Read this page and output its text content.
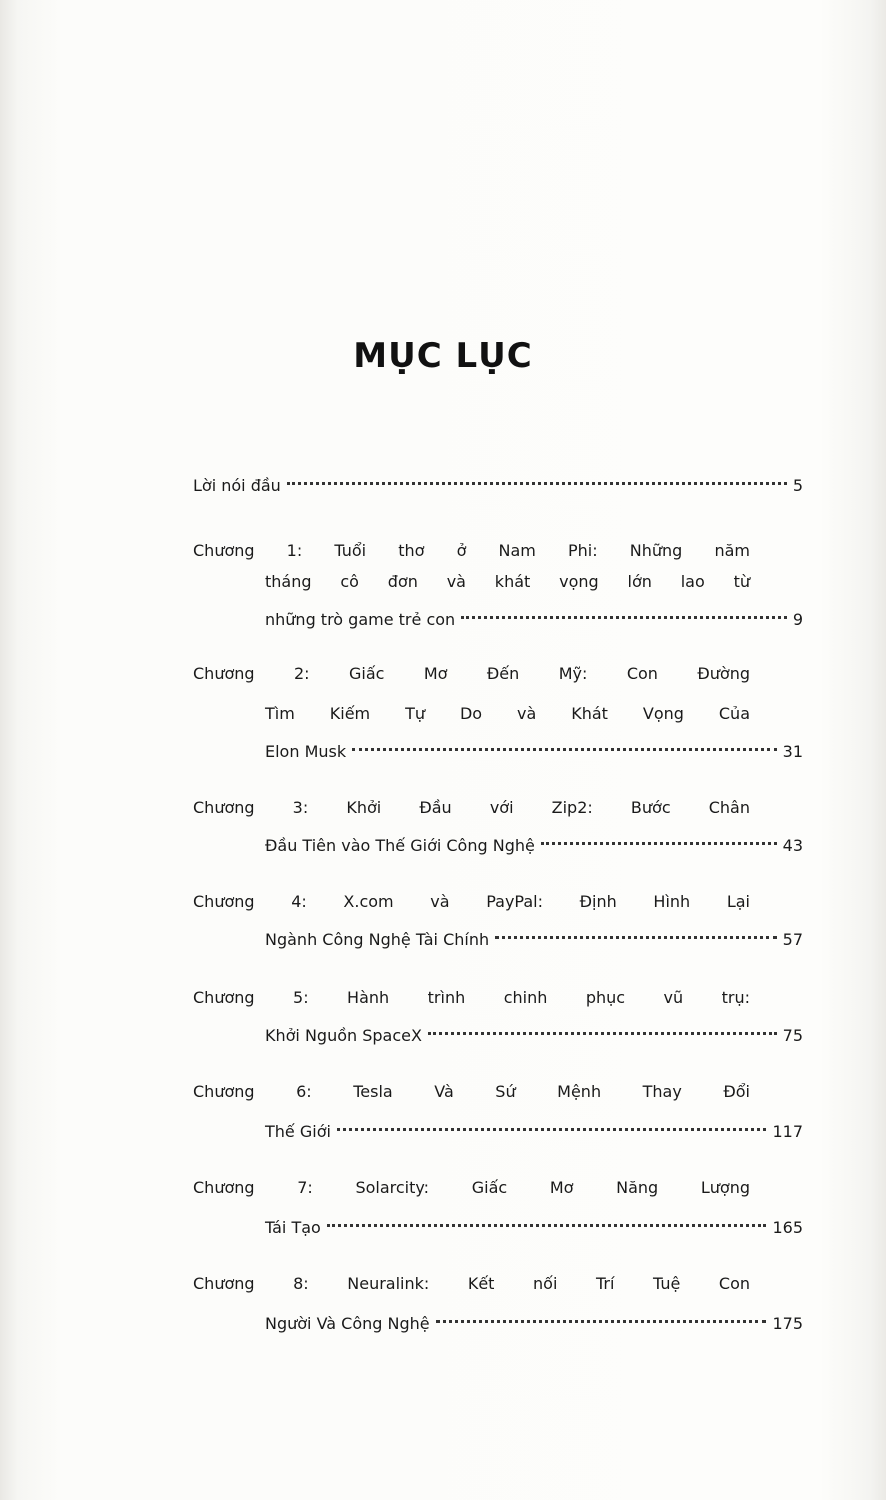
MỤC LỤC
Lời nói đầu	5
Chương 1: Tuổi thơ ở Nam Phi: Những năm
tháng cô đơn và khát vọng lớn lao từ
những trò game trẻ con	9
Chương 2: Giấc Mơ Đến Mỹ: Con Đường
Tìm Kiếm Tự Do và Khát Vọng Của
Elon Musk	31
Chương 3: Khởi Đầu với Zip2: Bước Chân
Đầu Tiên vào Thế Giới Công Nghệ	43
Chương 4: X.com và PayPal: Định Hình Lại
Ngành Công Nghệ Tài Chính	57
Chương 5: Hành trình chinh phục vũ trụ:
Khởi Nguồn SpaceX	75
Chương 6: Tesla Và Sứ Mệnh Thay Đổi
Thế Giới	117
Chương 7: Solarcity: Giấc Mơ Năng Lượng
Tái Tạo	165
Chương 8: Neuralink: Kết nối Trí Tuệ Con
Người Và Công Nghệ	175
